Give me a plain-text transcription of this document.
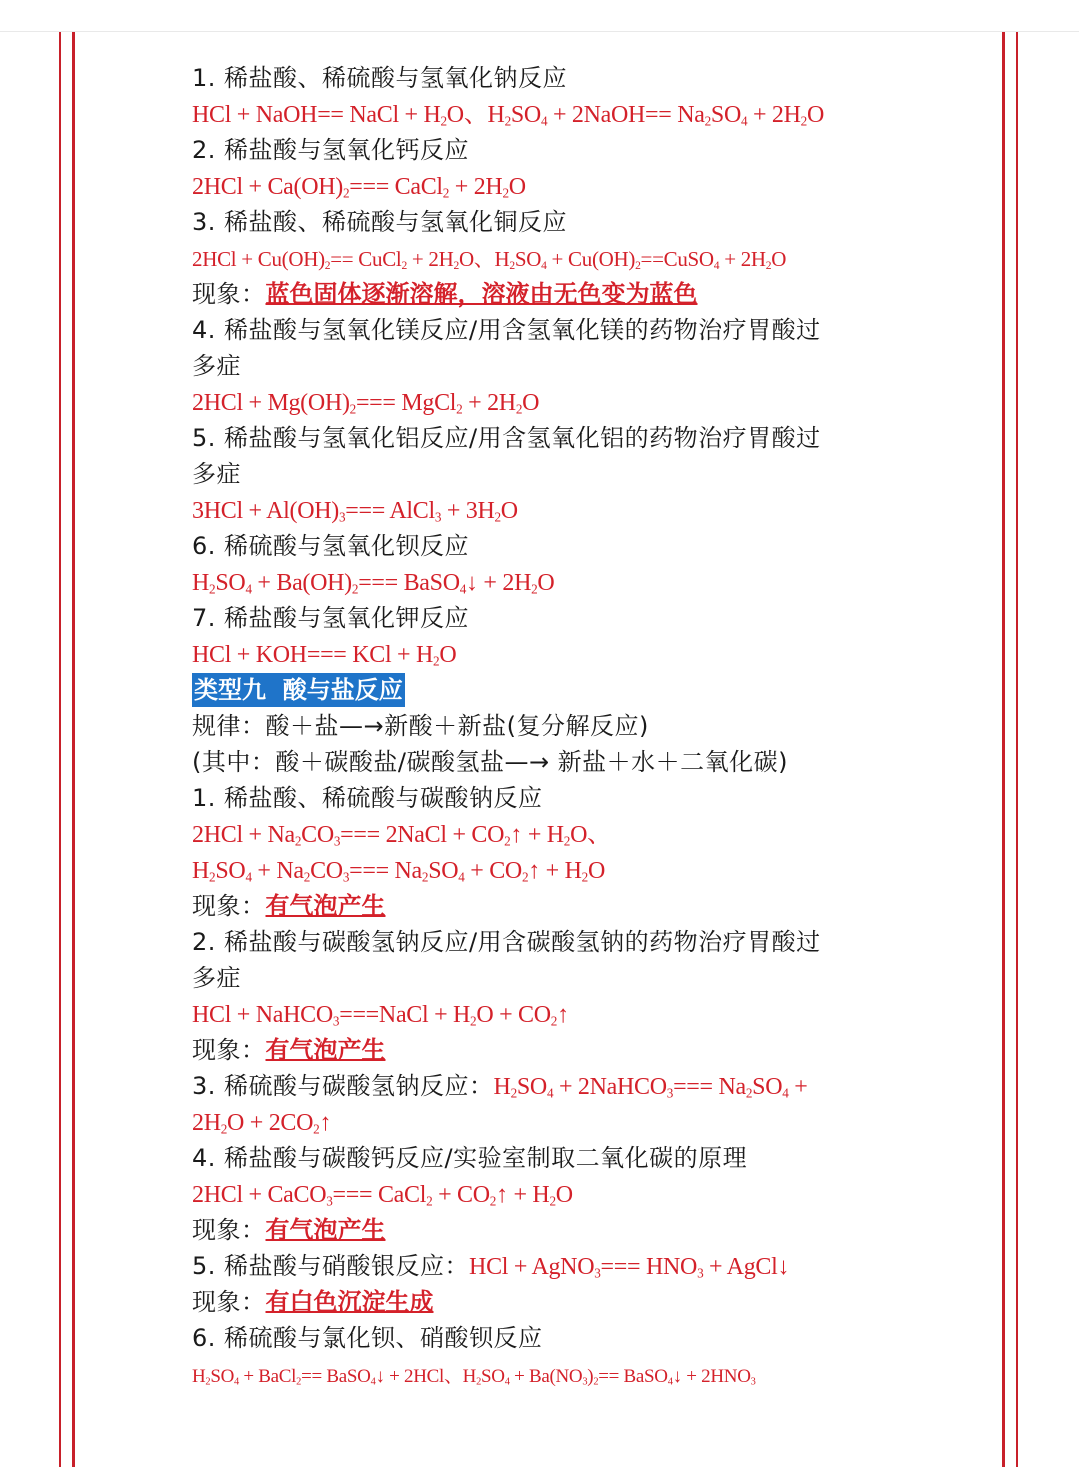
1. 稀盐酸、稀硫酸与氢氧化钠反应
HCl + NaOH== NaCl + $H_2O$、$H_2SO_4$ + 2NaOH== $Na_2SO_4 + 2H_2O$
2. 稀盐酸与氢氧化钙反应
$2HCl + Ca(OH)_2===$ CaCl$_2$ + $2H_2O$
3. 稀盐酸、稀硫酸与氢氧化铜反应
$2HCl + Cu(OH)_2==$ CuCl$_2$ + $2H_2O$、$H_2SO_4$ + $Cu(OH)_2==CuSO_4 + 2H_2O$
现象：蓝色固体逐渐溶解，溶液由无色变为蓝色
4. 稀盐酸与氢氧化镁反应/用含氢氧化镁的药物治疗胃酸过
多症
$2HCl + Mg(OH)_2===$ MgCl$_2$ + $2H_2O$
5. 稀盐酸与氢氧化铝反应/用含氢氧化铝的药物治疗胃酸过
多症
$3HCl + Al(OH)_3===$ AlCl$_3$ + $3H_2O$
6. 稀硫酸与氢氧化钡反应
$H_2SO_4 + Ba(OH)_2===$ BaSO$_4$↓ + $2H_2O$
7. 稀盐酸与氢氧化钾反应
HCl + KOH=== KCl + $H_2O$
类型九  酸与盐反应
规律：酸＋盐—→新酸＋新盐(复分解反应)
(其中：酸＋碳酸盐/碳酸氢盐—→ 新盐＋水＋二氧化碳)
1. 稀盐酸、稀硫酸与碳酸钠反应
$2HCl + Na_2CO_3===$ 2NaCl + $CO_2↑ + H_2O$、
$H_2SO_4 + Na_2CO_3=== Na_2SO_4$ + $CO_2↑ + H_2O$
现象：有气泡产生
2. 稀盐酸与碳酸氢钠反应/用含碳酸氢钠的药物治疗胃酸过
多症
HCl + NaHCO$_3$===NaCl + $H_2O$ + $CO_2↑$
现象：有气泡产生
3. 稀硫酸与碳酸氢钠反应：$H_2SO_4$ + 2NaHCO$_3$=== $Na_2SO_4$ +
$2H_2O$ + $2CO_2↑$
4. 稀盐酸与碳酸钙反应/实验室制取二氧化碳的原理
2HCl + CaCO$_3$=== CaCl$_2$ + $CO_2↑ + H_2O$
现象：有气泡产生
5. 稀盐酸与硝酸银反应：HCl + AgNO$_3$=== $HNO_3$ + AgCl↓
现象：有白色沉淀生成
6. 稀硫酸与氯化钡、硝酸钡反应
$H_2SO_4$ + BaCl$_2$== BaSO$_4$↓ + 2HCl、$H_2SO_4 + Ba(NO_3)_2==$ BaSO$_4$↓ + $2HNO_3$
